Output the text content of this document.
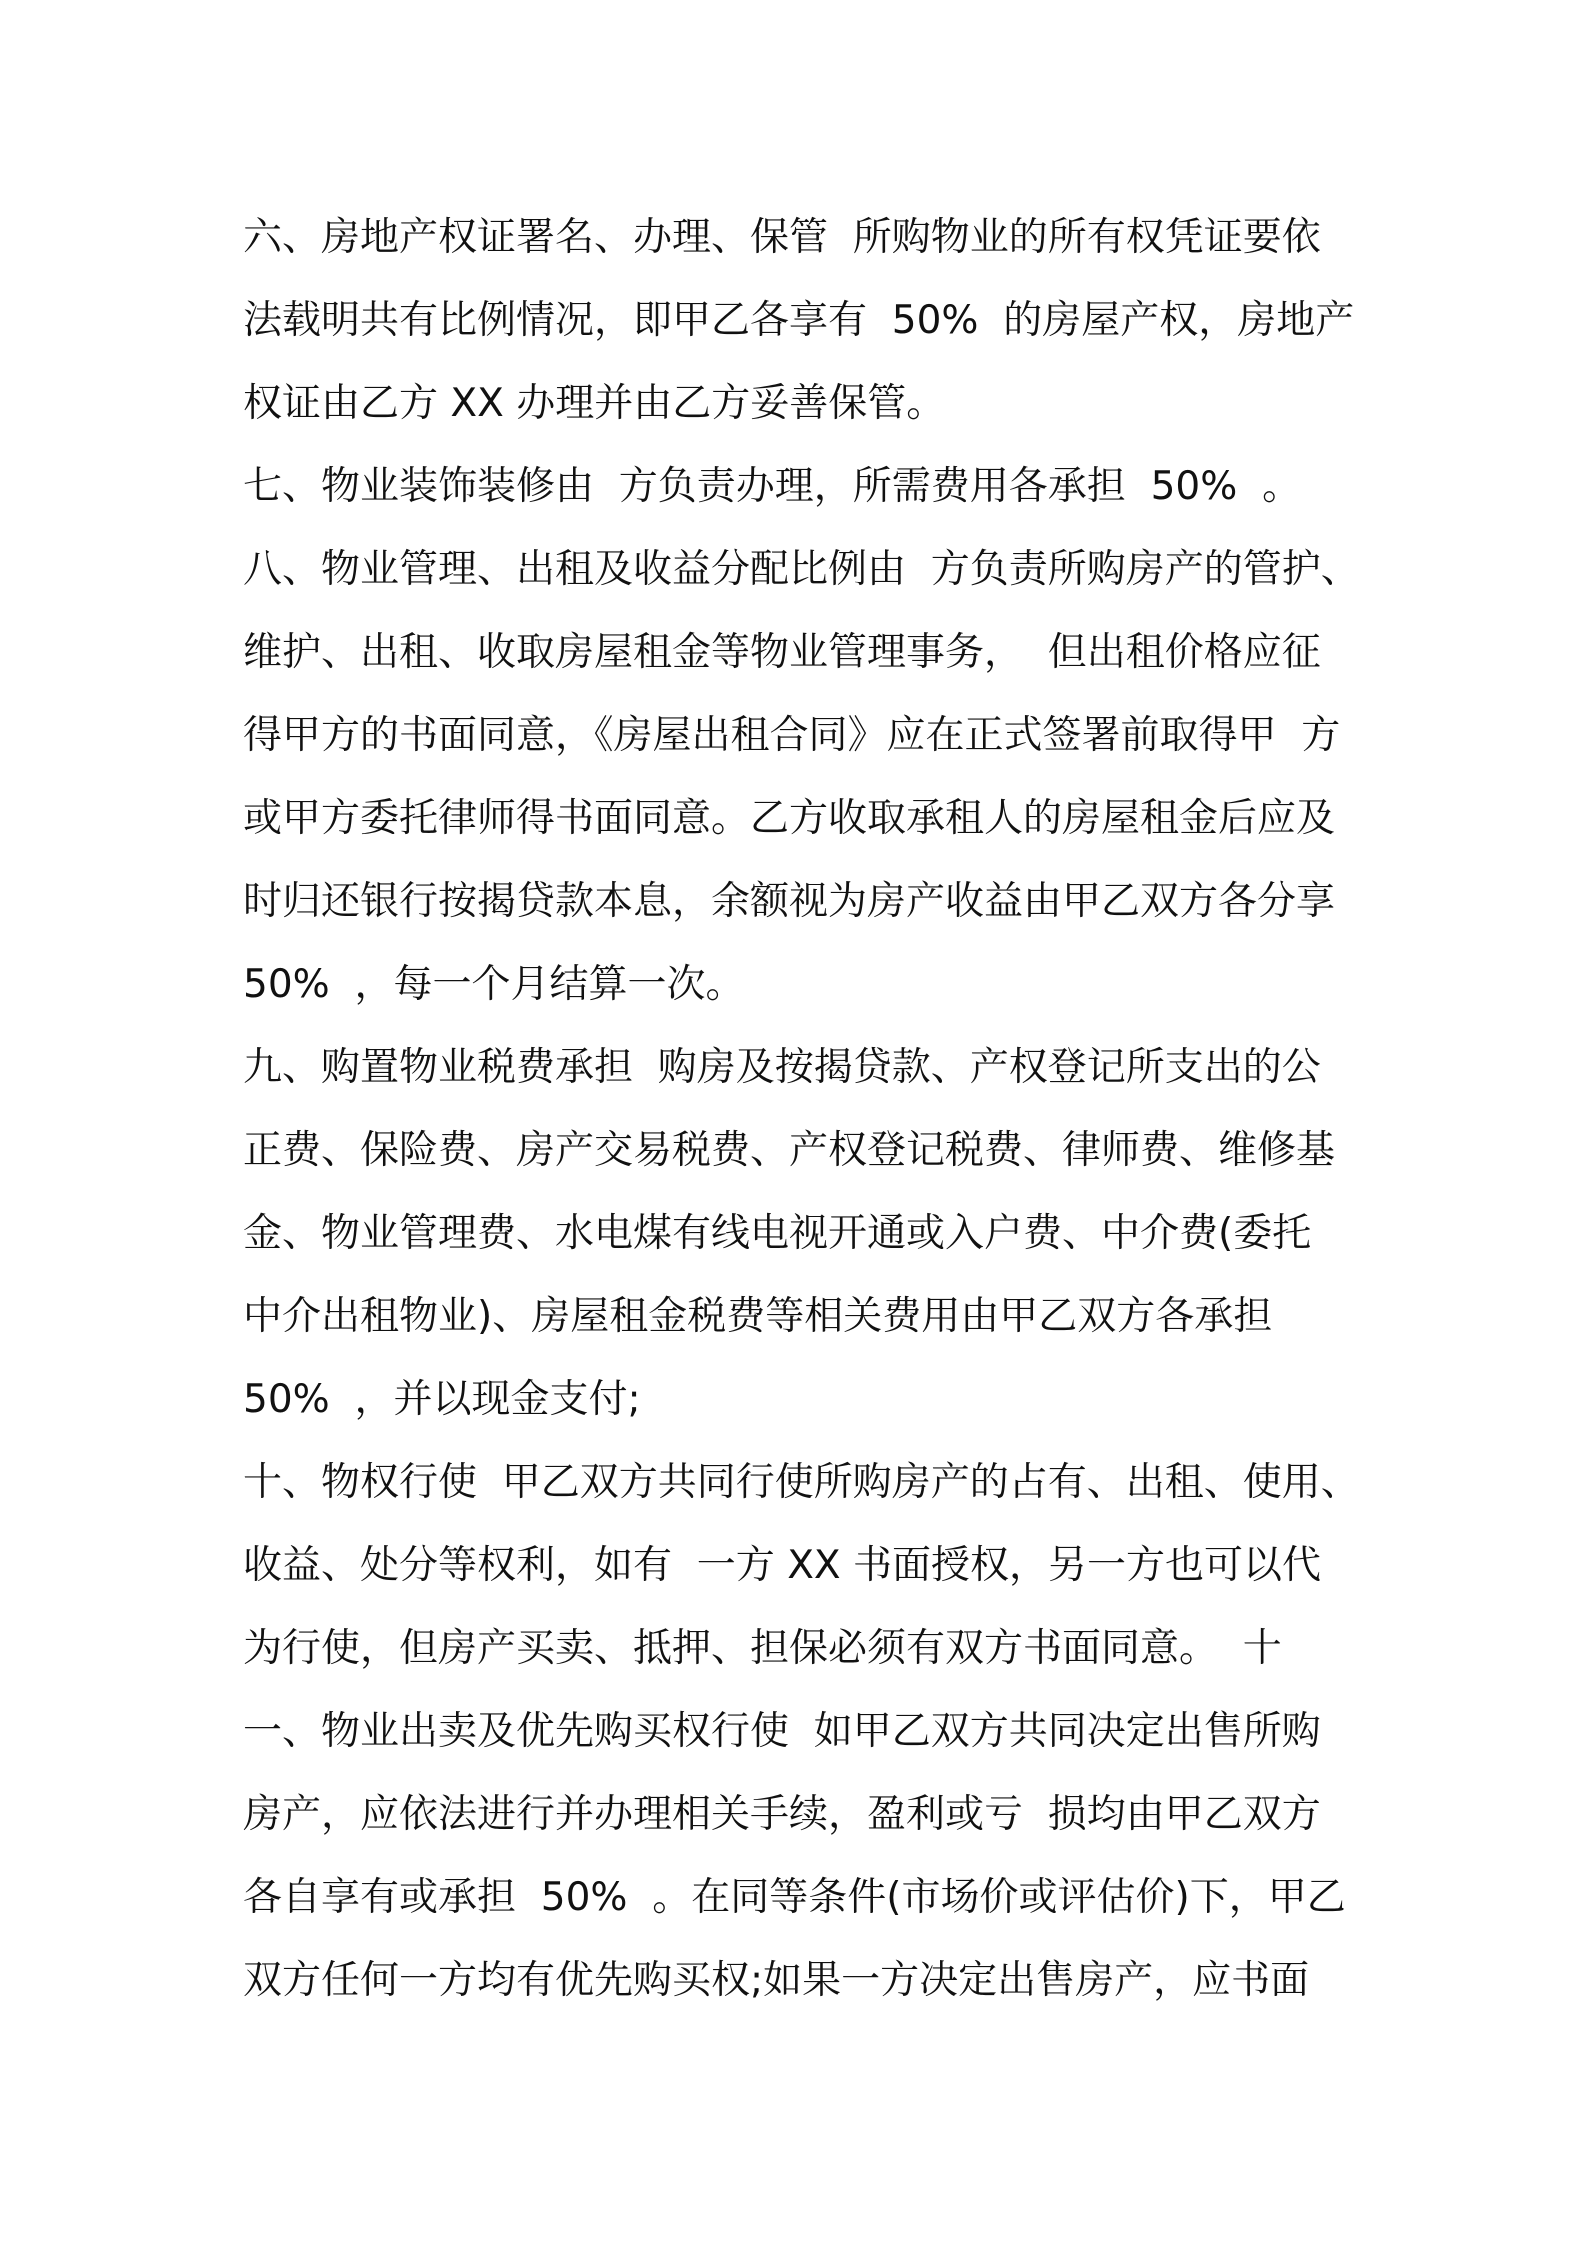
六、房地产权证署名、办理、保管  所购物业的所有权凭证要依
法载明共有比例情况，即甲乙各享有  50%  的房屋产权，房地产
权证由乙方 XX 办理并由乙方妥善保管。
七、物业装饰装修由  方负责办理，所需费用各承担  50%  。
八、物业管理、出租及收益分配比例由  方负责所购房产的管护、
维护、出租、收取房屋租金等物业管理事务，  但出租价格应征
得甲方的书面同意，《房屋出租合同》应在正式签署前取得甲  方
或甲方委托律师得书面同意。乙方收取承租人的房屋租金后应及
时归还银行按揭贷款本息，余额视为房产收益由甲乙双方各分享
50%  ，每一个月结算一次。
九、购置物业税费承担  购房及按揭贷款、产权登记所支出的公
正费、保险费、房产交易税费、产权登记税费、律师费、维修基
金、物业管理费、水电煤有线电视开通或入户费、中介费(委托
中介出租物业)、房屋租金税费等相关费用由甲乙双方各承担
50%  ，并以现金支付;
十、物权行使  甲乙双方共同行使所购房产的占有、出租、使用、
收益、处分等权利，如有  一方 XX 书面授权，另一方也可以代
为行使，但房产买卖、抵押、担保必须有双方书面同意。  十
一、物业出卖及优先购买权行使  如甲乙双方共同决定出售所购
房产，应依法进行并办理相关手续，盈利或亏  损均由甲乙双方
各自享有或承担  50%  。在同等条件(市场价或评估价)下，甲乙
双方任何一方均有优先购买权;如果一方决定出售房产，应书面
